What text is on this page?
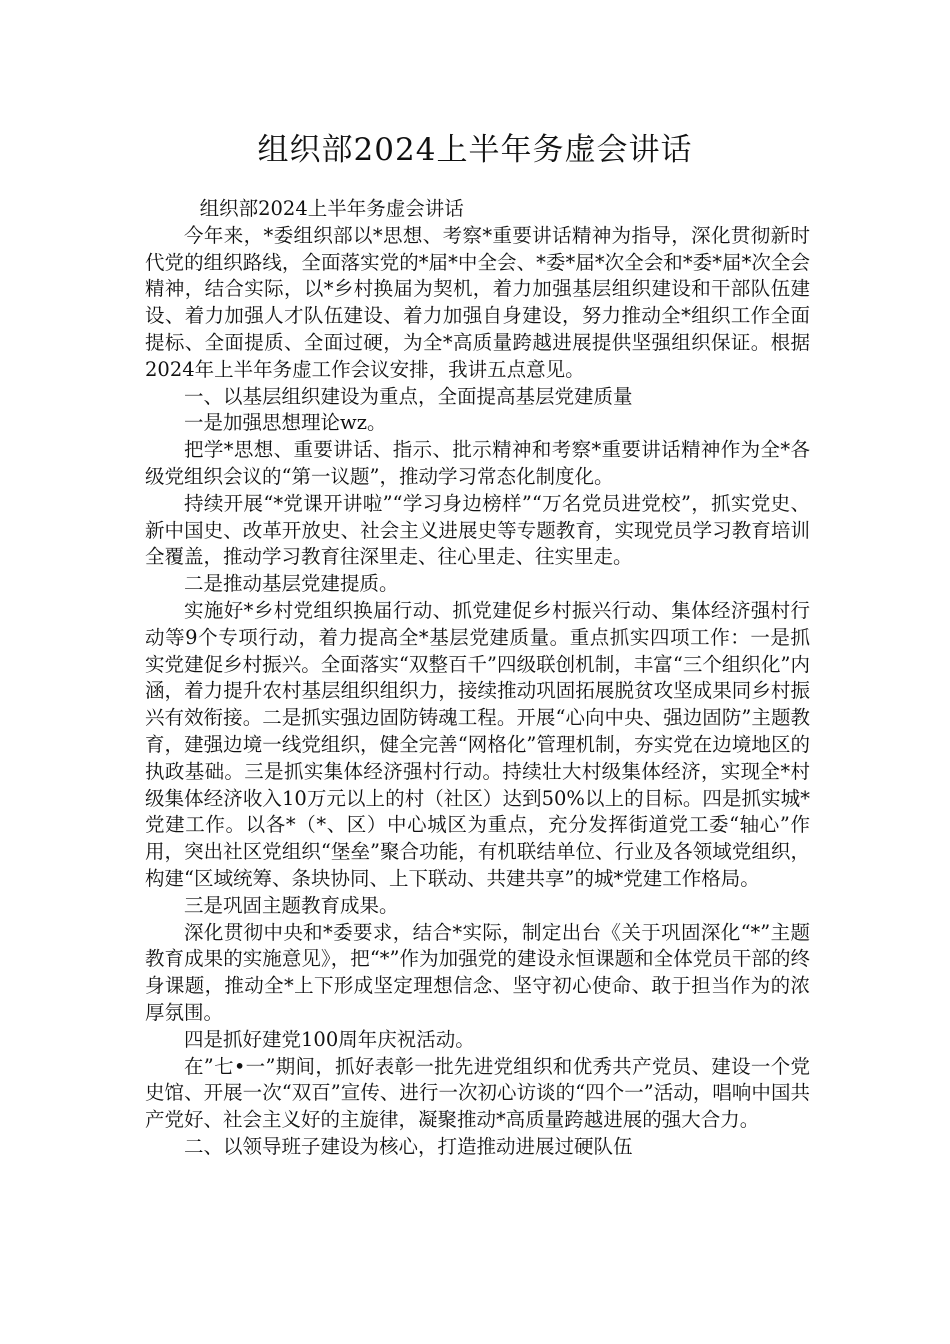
组织部2024上半年务虚会讲话

组织部2024上半年务虚会讲话

今年来，*委组织部以*思想、考察*重要讲话精神为指导，深化贯彻新时代党的组织路线，全面落实党的*届*中全会、*委*届*次全会和*委*届*次全会精神，结合实际，以*乡村换届为契机，着力加强基层组织建设和干部队伍建设、着力加强人才队伍建设、着力加强自身建设，努力推动全*组织工作全面提标、全面提质、全面过硬，为全*高质量跨越进展提供坚强组织保证。根据2024年上半年务虚工作会议安排，我讲五点意见。

一、以基层组织建设为重点，全面提高基层党建质量

一是加强思想理论wz。

把学*思想、重要讲话、指示、批示精神和考察*重要讲话精神作为全*各级党组织会议的“第一议题”，推动学习常态化制度化。

持续开展“*党课开讲啦”“学习身边榜样”“万名党员进党校”，抓实党史、新中国史、改革开放史、社会主义进展史等专题教育，实现党员学习教育培训全覆盖，推动学习教育往深里走、往心里走、往实里走。

二是推动基层党建提质。

实施好*乡村党组织换届行动、抓党建促乡村振兴行动、集体经济强村行动等9个专项行动，着力提高全*基层党建质量。重点抓实四项工作：一是抓实党建促乡村振兴。全面落实“双整百千”四级联创机制，丰富“三个组织化”内涵，着力提升农村基层组织组织力，接续推动巩固拓展脱贫攻坚成果同乡村振兴有效衔接。二是抓实强边固防铸魂工程。开展“心向中央、强边固防”主题教育，建强边境一线党组织，健全完善“网格化”管理机制，夯实党在边境地区的执政基础。三是抓实集体经济强村行动。持续壮大村级集体经济，实现全*村级集体经济收入10万元以上的村（社区）达到50%以上的目标。四是抓实城*党建工作。以各*（*、区）中心城区为重点，充分发挥街道党工委“轴心”作用，突出社区党组织“堡垒”聚合功能，有机联结单位、行业及各领域党组织，构建“区域统筹、条块协同、上下联动、共建共享”的城*党建工作格局。

三是巩固主题教育成果。

深化贯彻中央和*委要求，结合*实际，制定出台《关于巩固深化“*”主题教育成果的实施意见》，把“*”作为加强党的建设永恒课题和全体党员干部的终身课题，推动全*上下形成坚定理想信念、坚守初心使命、敢于担当作为的浓厚氛围。

四是抓好建党100周年庆祝活动。

在”七•一”期间，抓好表彰一批先进党组织和优秀共产党员、建设一个党史馆、开展一次“双百”宣传、进行一次初心访谈的“四个一”活动，唱响中国共产党好、社会主义好的主旋律，凝聚推动*高质量跨越进展的强大合力。

二、以领导班子建设为核心，打造推动进展过硬队伍
